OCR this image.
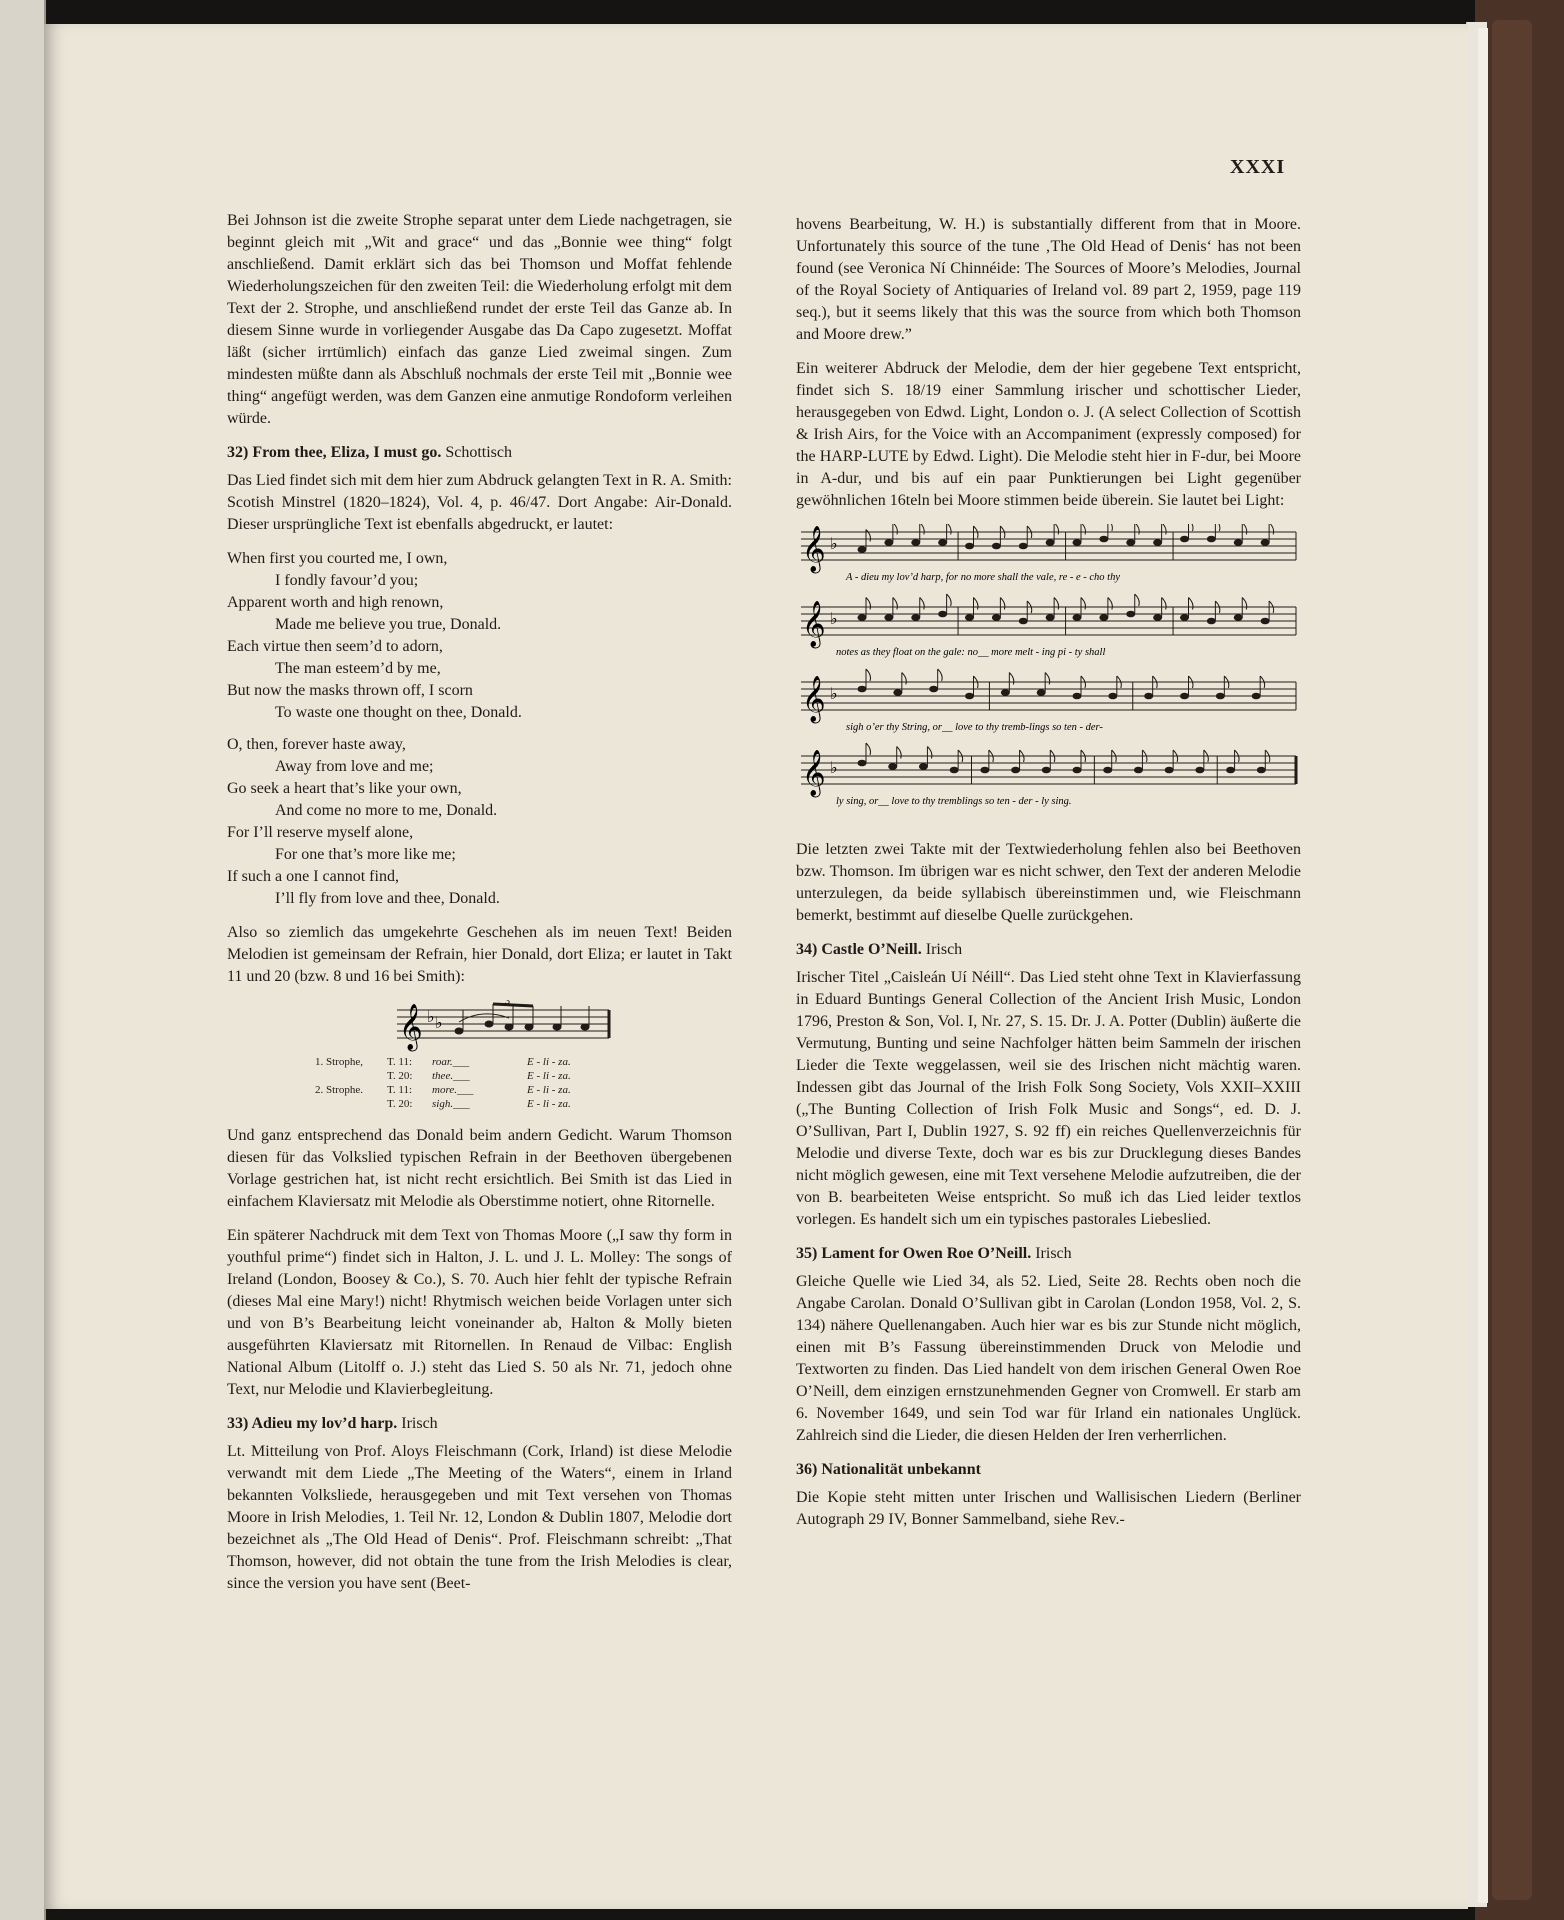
XXXI

Bei Johnson ist die zweite Strophe separat unter dem Liede nachgetragen, sie beginnt gleich mit „Wit and grace“ und das „Bonnie wee thing“ folgt anschließend. Damit erklärt sich das bei Thomson und Moffat fehlende Wiederholungszeichen für den zweiten Teil: die Wiederholung erfolgt mit dem Text der 2. Strophe, und anschließend rundet der erste Teil das Ganze ab. In diesem Sinne wurde in vorliegender Ausgabe das Da Capo zugesetzt. Moffat läßt (sicher irrtümlich) einfach das ganze Lied zweimal singen. Zum mindesten müßte dann als Abschluß nochmals der erste Teil mit „Bonnie wee thing“ angefügt werden, was dem Ganzen eine anmutige Rondoform verleihen würde.

32) From thee, Eliza, I must go. Schottisch

Das Lied findet sich mit dem hier zum Abdruck gelangten Text in R. A. Smith: Scotish Minstrel (1820–1824), Vol. 4, p. 46/47. Dort Angabe: Air-Donald. Dieser ursprüngliche Text ist ebenfalls abgedruckt, er lautet:

When first you courted me, I own,
I fondly favour’d you;
Apparent worth and high renown,
Made me believe you true, Donald.
Each virtue then seem’d to adorn,
The man esteem’d by me,
But now the masks thrown off, I scorn
To waste one thought on thee, Donald.
O, then, forever haste away,
Away from love and me;
Go seek a heart that’s like your own,
And come no more to me, Donald.
For I’ll reserve myself alone,
For one that’s more like me;
If such a one I cannot find,
I’ll fly from love and thee, Donald.

Also so ziemlich das umgekehrte Geschehen als im neuen Text! Beiden Melodien ist gemeinsam der Refrain, hier Donald, dort Eliza; er lautet in Takt 11 und 20 (bzw. 8 und 16 bei Smith):

𝄞 ♭ ♭
3
1. Strophe,	T. 11: roar.___	E - li - za.
T. 20: thee.___	E - li - za.
2. Strophe.	T. 11: more.___	E - li - za.
T. 20: sigh.___	E - li - za.

Und ganz entsprechend das Donald beim andern Gedicht. Warum Thomson diesen für das Volkslied typischen Refrain in der Beethoven übergebenen Vorlage gestrichen hat, ist nicht recht ersichtlich. Bei Smith ist das Lied in einfachem Klaviersatz mit Melodie als Oberstimme notiert, ohne Ritornelle.

Ein späterer Nachdruck mit dem Text von Thomas Moore („I saw thy form in youthful prime“) findet sich in Halton, J. L. und J. L. Molley: The songs of Ireland (London, Boosey & Co.), S. 70. Auch hier fehlt der typische Refrain (dieses Mal eine Mary!) nicht! Rhytmisch weichen beide Vorlagen unter sich und von B’s Bearbeitung leicht voneinander ab, Halton & Molly bieten ausgeführten Klaviersatz mit Ritornellen. In Renaud de Vilbac: English National Album (Litolff o. J.) steht das Lied S. 50 als Nr. 71, jedoch ohne Text, nur Melodie und Klavierbegleitung.

33) Adieu my lov’d harp. Irisch

Lt. Mitteilung von Prof. Aloys Fleischmann (Cork, Irland) ist diese Melodie verwandt mit dem Liede „The Meeting of the Waters“, einem in Irland bekannten Volksliede, herausgegeben und mit Text versehen von Thomas Moore in Irish Melodies, 1. Teil Nr. 12, London & Dublin 1807, Melodie dort bezeichnet als „The Old Head of Denis“. Prof. Fleischmann schreibt: „That Thomson, however, did not obtain the tune from the Irish Melodies is clear, since the version you have sent (Beet-

hovens Bearbeitung, W. H.) is substantially different from that in Moore. Unfortunately this source of the tune ‚The Old Head of Denis‘ has not been found (see Veronica Ní Chinnéide: The Sources of Moore’s Melodies, Journal of the Royal Society of Antiquaries of Ireland vol. 89 part 2, 1959, page 119 seq.), but it seems likely that this was the source from which both Thomson and Moore drew.”

Ein weiterer Abdruck der Melodie, dem der hier gegebene Text entspricht, findet sich S. 18/19 einer Sammlung irischer und schottischer Lieder, herausgegeben von Edwd. Light, London o. J. (A select Collection of Scottish & Irish Airs, for the Voice with an Accompaniment (expressly composed) for the HARP-LUTE by Edwd. Light). Die Melodie steht hier in F-dur, bei Moore in A-dur, und bis auf ein paar Punktierungen bei Light gegenüber gewöhnlichen 16teln bei Moore stimmen beide überein. Sie lautet bei Light:

𝄞 ♭
𝄞 ♭
𝄞 ♭
𝄞 ♭
A - dieu my lov’d harp, for no more shall the vale, re - e - cho thy
notes as they float on the gale: no__ more melt - ing pi - ty shall
sigh o’er thy String, or__ love to thy tremb-lings so ten - der-
ly sing, or__ love to thy tremblings so ten - der - ly sing.

Die letzten zwei Takte mit der Textwiederholung fehlen also bei Beethoven bzw. Thomson. Im übrigen war es nicht schwer, den Text der anderen Melodie unterzulegen, da beide syllabisch übereinstimmen und, wie Fleischmann bemerkt, bestimmt auf dieselbe Quelle zurückgehen.

34) Castle O’Neill. Irisch

Irischer Titel „Caisleán Uí Néill“. Das Lied steht ohne Text in Klavierfassung in Eduard Buntings General Collection of the Ancient Irish Music, London 1796, Preston & Son, Vol. I, Nr. 27, S. 15. Dr. J. A. Potter (Dublin) äußerte die Vermutung, Bunting und seine Nachfolger hätten beim Sammeln der irischen Lieder die Texte weggelassen, weil sie des Irischen nicht mächtig waren. Indessen gibt das Journal of the Irish Folk Song Society, Vols XXII–XXIII („The Bunting Collection of Irish Folk Music and Songs“, ed. D. J. O’Sullivan, Part I, Dublin 1927, S. 92 ff) ein reiches Quellenverzeichnis für Melodie und diverse Texte, doch war es bis zur Drucklegung dieses Bandes nicht möglich gewesen, eine mit Text versehene Melodie aufzutreiben, die der von B. bearbeiteten Weise entspricht. So muß ich das Lied leider textlos vorlegen. Es handelt sich um ein typisches pastorales Liebeslied.

35) Lament for Owen Roe O’Neill. Irisch

Gleiche Quelle wie Lied 34, als 52. Lied, Seite 28. Rechts oben noch die Angabe Carolan. Donald O’Sullivan gibt in Carolan (London 1958, Vol. 2, S. 134) nähere Quellenangaben. Auch hier war es bis zur Stunde nicht möglich, einen mit B’s Fassung übereinstimmenden Druck von Melodie und Textworten zu finden. Das Lied handelt von dem irischen General Owen Roe O’Neill, dem einzigen ernstzunehmenden Gegner von Cromwell. Er starb am 6. November 1649, und sein Tod war für Irland ein nationales Unglück. Zahlreich sind die Lieder, die diesen Helden der Iren verherrlichen.

36) Nationalität unbekannt

Die Kopie steht mitten unter Irischen und Wallisischen Liedern (Berliner Autograph 29 IV, Bonner Sammelband, siehe Rev.-
